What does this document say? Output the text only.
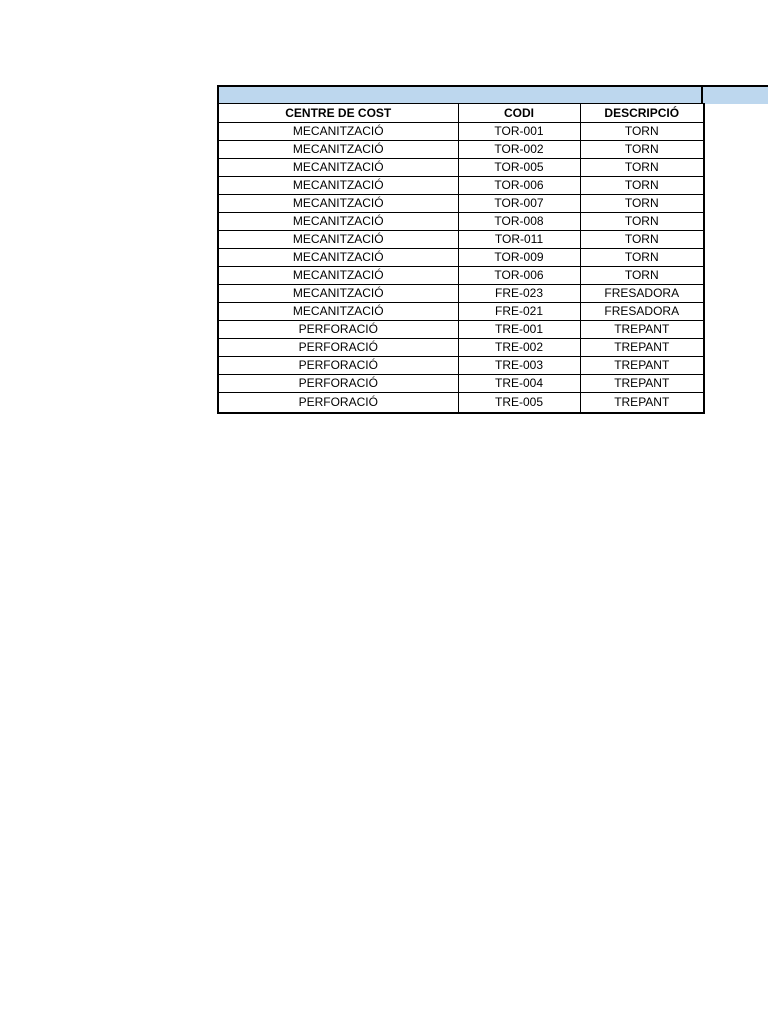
CENTRE DE COST	CODI	DESCRIPCIÓ
MECANITZACIÓ	TOR-001	TORN
MECANITZACIÓ	TOR-002	TORN
MECANITZACIÓ	TOR-005	TORN
MECANITZACIÓ	TOR-006	TORN
MECANITZACIÓ	TOR-007	TORN
MECANITZACIÓ	TOR-008	TORN
MECANITZACIÓ	TOR-011	TORN
MECANITZACIÓ	TOR-009	TORN
MECANITZACIÓ	TOR-006	TORN
MECANITZACIÓ	FRE-023	FRESADORA
MECANITZACIÓ	FRE-021	FRESADORA
PERFORACIÓ	TRE-001	TREPANT
PERFORACIÓ	TRE-002	TREPANT
PERFORACIÓ	TRE-003	TREPANT
PERFORACIÓ	TRE-004	TREPANT
PERFORACIÓ	TRE-005	TREPANT
